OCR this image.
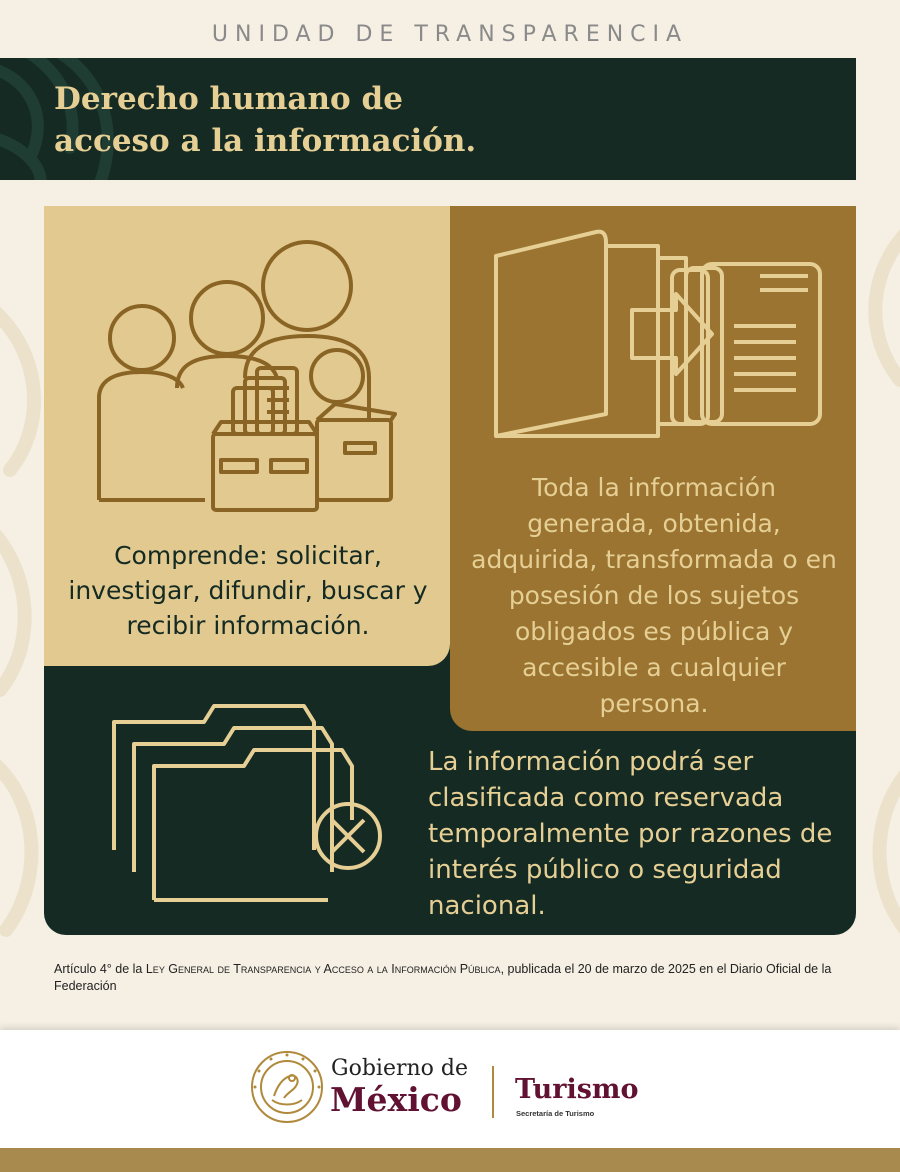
UNIDAD DE TRANSPARENCIA
Derecho humano de
acceso a la información.

Comprende: solicitar, investigar, difundir, buscar y recibir información.

Toda la información generada, obtenida, adquirida, transformada o en posesión de los sujetos obligados es pública y accesible a cualquier persona.

La información podrá ser clasificada como reservada temporalmente por razones de interés público o seguridad nacional.

Artículo 4° de la Ley General de Transparencia y Acceso a la Información Pública, publicada el 20 de marzo de 2025 en el Diario Oficial de la Federación

Gobierno de

México Turismo

Secretaría de Turismo
